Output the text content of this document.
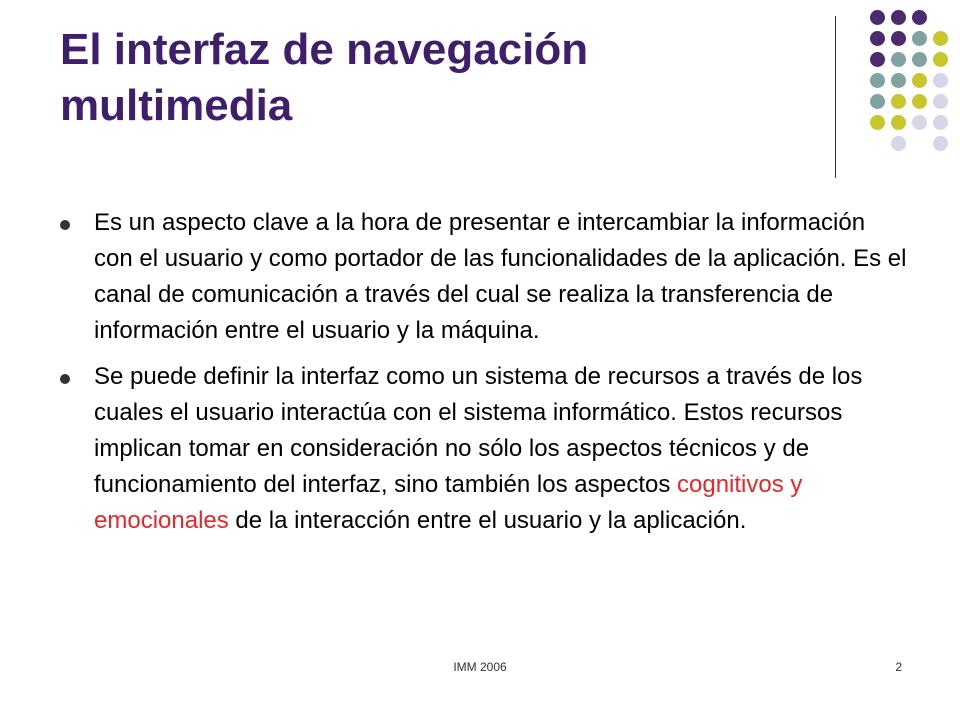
El interfaz de navegación multimedia
Es un aspecto clave a la hora de presentar e intercambiar la información con el usuario y como portador de las funcionalidades de la aplicación. Es el canal de comunicación a través del cual se realiza la transferencia de información entre el usuario y la máquina.
Se puede definir la interfaz como un sistema de recursos a través de los cuales el usuario interactúa con el sistema informático. Estos recursos implican tomar en consideración no sólo los aspectos técnicos y de funcionamiento del interfaz, sino también los aspectos cognitivos y emocionales de la interacción entre el usuario y la aplicación.
IMM 2006	2
